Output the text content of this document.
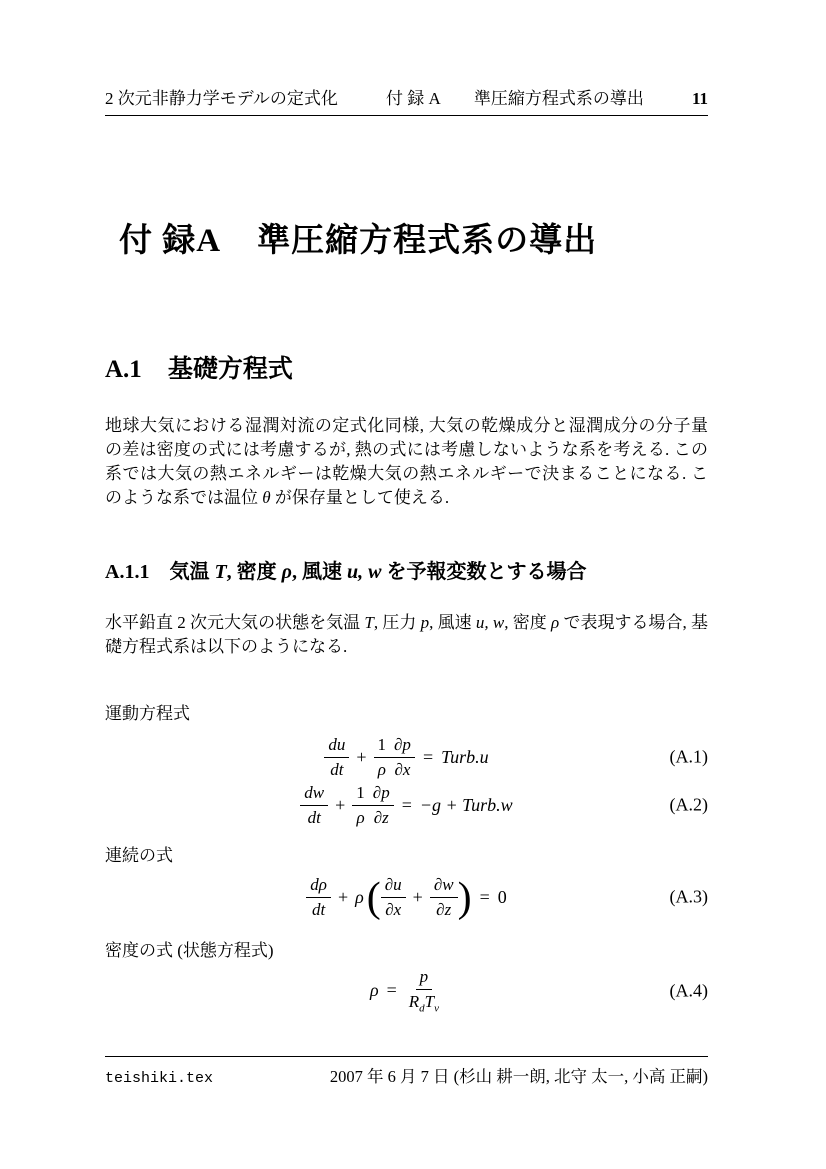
2 次元非静力学モデルの定式化	付 録 A　　準圧縮方程式系の導出	11
付 録A 準圧縮方程式系の導出
A.1 基礎方程式

地球大気における湿潤対流の定式化同様, 大気の乾燥成分と湿潤成分の分子量の差は密度の式には考慮するが, 熱の式には考慮しないような系を考える. この系では大気の熱エネルギーは乾燥大気の熱エネルギーで決まることになる. このような系では温位 θ が保存量として使える.

A.1.1 気温 T, 密度 ρ, 風速 u, w を予報変数とする場合

水平鉛直 2 次元大気の状態を気温 T, 圧力 p, 風速 u, w, 密度 ρ で表現する場合, 基礎方程式系は以下のようになる.

運動方程式
$\frac{du}{dt} + \frac{1}{\rho} \frac{\partial p}{\partial x}$ = Turb.u	(A.1)
$\frac{dw}{dt} + \frac{1}{\rho} \frac{\partial p}{\partial z} = -g$ + Turb.w	(A.2)
連続の式
$\frac{d\rho}{dt} + \rho$ ( $\frac{\partial u}{\partial x} + \frac{\partial w}{\partial z}$ ) = 0	(A.3)
密度の式 (状態方程式)
$\rho = \frac{p}{R_dT_v}$	(A.4)
teishiki.tex	2007 年 6 月 7 日 (杉山 耕一朗, 北守 太一, 小高 正嗣)
